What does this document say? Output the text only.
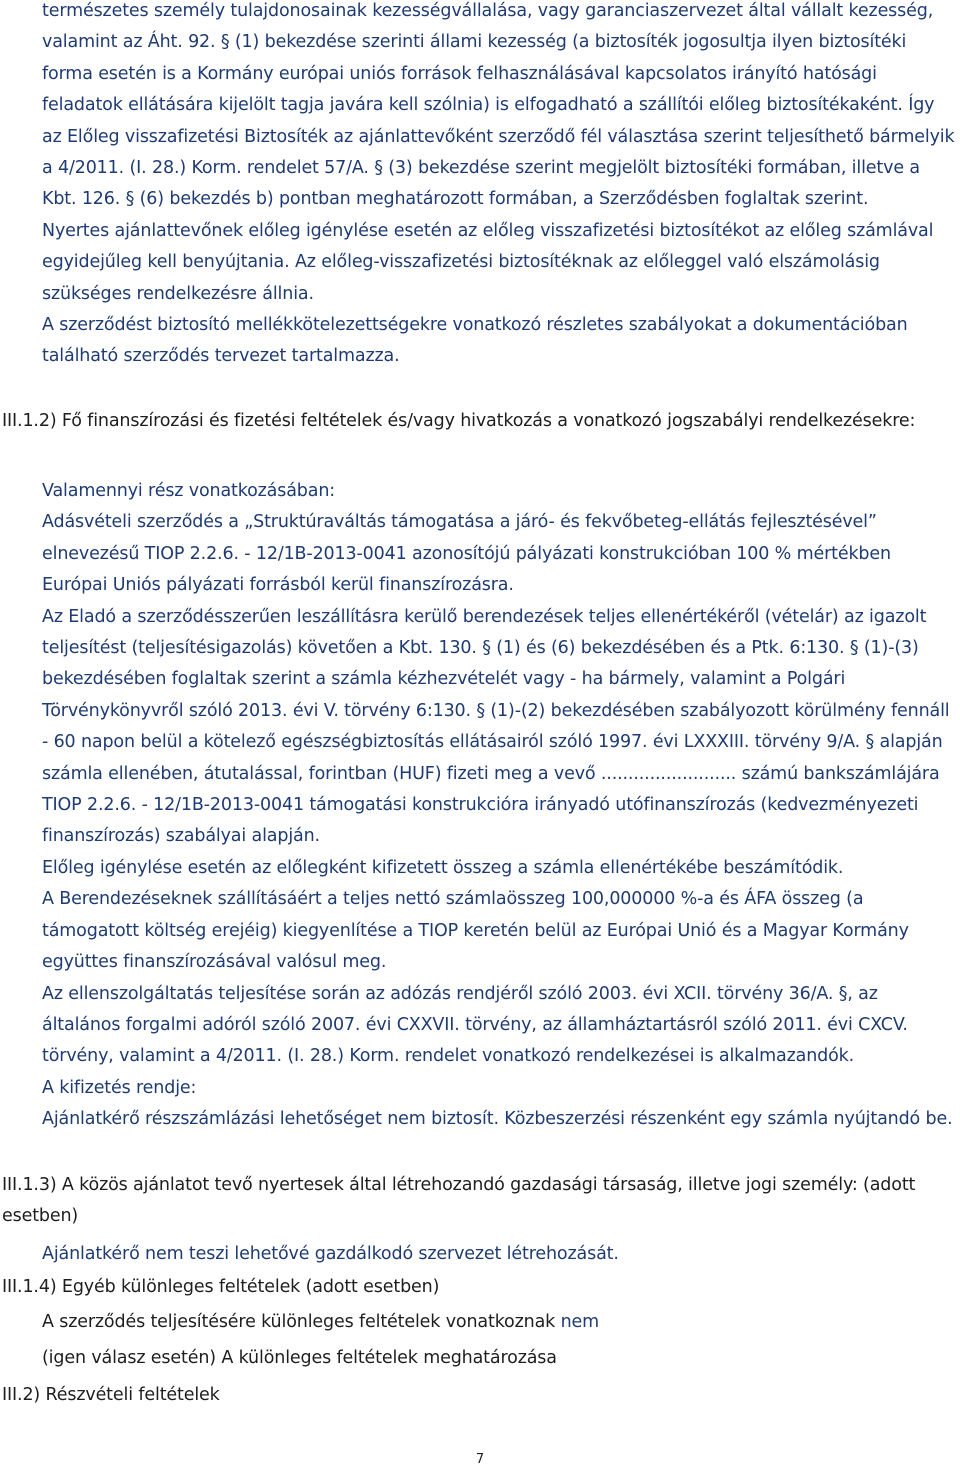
természetes személy tulajdonosainak kezességvállalása, vagy garanciaszervezet által vállalt kezesség, valamint az Áht. 92. § (1) bekezdése szerinti állami kezesség (a biztosíték jogosultja ilyen biztosítéki forma esetén is a Kormány európai uniós források felhasználásával kapcsolatos irányító hatósági feladatok ellátására kijelölt tagja javára kell szólnia) is elfogadható a szállítói előleg biztosítékaként. Így az Előleg visszafizetési Biztosíték az ajánlattevőként szerződő fél választása szerint teljesíthető bármelyik a 4/2011. (I. 28.) Korm. rendelet 57/A. § (3) bekezdése szerint megjelölt biztosítéki formában, illetve a Kbt. 126. § (6) bekezdés b) pontban meghatározott formában, a Szerződésben foglaltak szerint.

Nyertes ajánlattevőnek előleg igénylése esetén az előleg visszafizetési biztosítékot az előleg számlával egyidejűleg kell benyújtania. Az előleg-visszafizetési biztosítéknak az előleggel való elszámolásig szükséges rendelkezésre állnia.

A szerződést biztosító mellékkötelezettségekre vonatkozó részletes szabályokat a dokumentációban található szerződés tervezet tartalmazza.

III.1.2) Fő finanszírozási és fizetési feltételek és/vagy hivatkozás a vonatkozó jogszabályi rendelkezésekre:

Valamennyi rész vonatkozásában:

Adásvételi szerződés a „Struktúraváltás támogatása a járó- és fekvőbeteg-ellátás fejlesztésével” elnevezésű TIOP 2.2.6. - 12/1B-2013-0041 azonosítójú pályázati konstrukcióban 100 % mértékben Európai Uniós pályázati forrásból kerül finanszírozásra.

Az Eladó a szerződésszerűen leszállításra kerülő berendezések teljes ellenértékéről (vételár) az igazolt teljesítést (teljesítésigazolás) követően a Kbt. 130. § (1) és (6) bekezdésében és a Ptk. 6:130. § (1)-(3) bekezdésében foglaltak szerint a számla kézhezvételét vagy - ha bármely, valamint a Polgári Törvénykönyvről szóló 2013. évi V. törvény 6:130. § (1)-(2) bekezdésében szabályozott körülmény fennáll - 60 napon belül a kötelező egészségbiztosítás ellátásairól szóló 1997. évi LXXXIII. törvény 9/A. § alapján számla ellenében, átutalással, forintban (HUF) fizeti meg a vevő ......................... számú bankszámlájára TIOP 2.2.6. - 12/1B-2013-0041 támogatási konstrukcióra irányadó utófinanszírozás (kedvezményezeti finanszírozás) szabályai alapján.

Előleg igénylése esetén az előlegként kifizetett összeg a számla ellenértékébe beszámítódik.

A Berendezéseknek szállításáért a teljes nettó számlaösszeg 100,000000 %-a és ÁFA összeg (a támogatott költség erejéig) kiegyenlítése a TIOP keretén belül az Európai Unió és a Magyar Kormány együttes finanszírozásával valósul meg.

Az ellenszolgáltatás teljesítése során az adózás rendjéről szóló 2003. évi XCII. törvény 36/A. §, az általános forgalmi adóról szóló 2007. évi CXXVII. törvény, az államháztartásról szóló 2011. évi CXCV. törvény, valamint a 4/2011. (I. 28.) Korm. rendelet vonatkozó rendelkezései is alkalmazandók.

A kifizetés rendje:

Ajánlatkérő részszámlázási lehetőséget nem biztosít. Közbeszerzési részenként egy számla nyújtandó be.

III.1.3) A közös ajánlatot tevő nyertesek által létrehozandó gazdasági társaság, illetve jogi személy: (adott esetben)

Ajánlatkérő nem teszi lehetővé gazdálkodó szervezet létrehozását.

III.1.4) Egyéb különleges feltételek (adott esetben)

A szerződés teljesítésére különleges feltételek vonatkoznak nem

(igen válasz esetén) A különleges feltételek meghatározása

III.2) Részvételi feltételek

7
